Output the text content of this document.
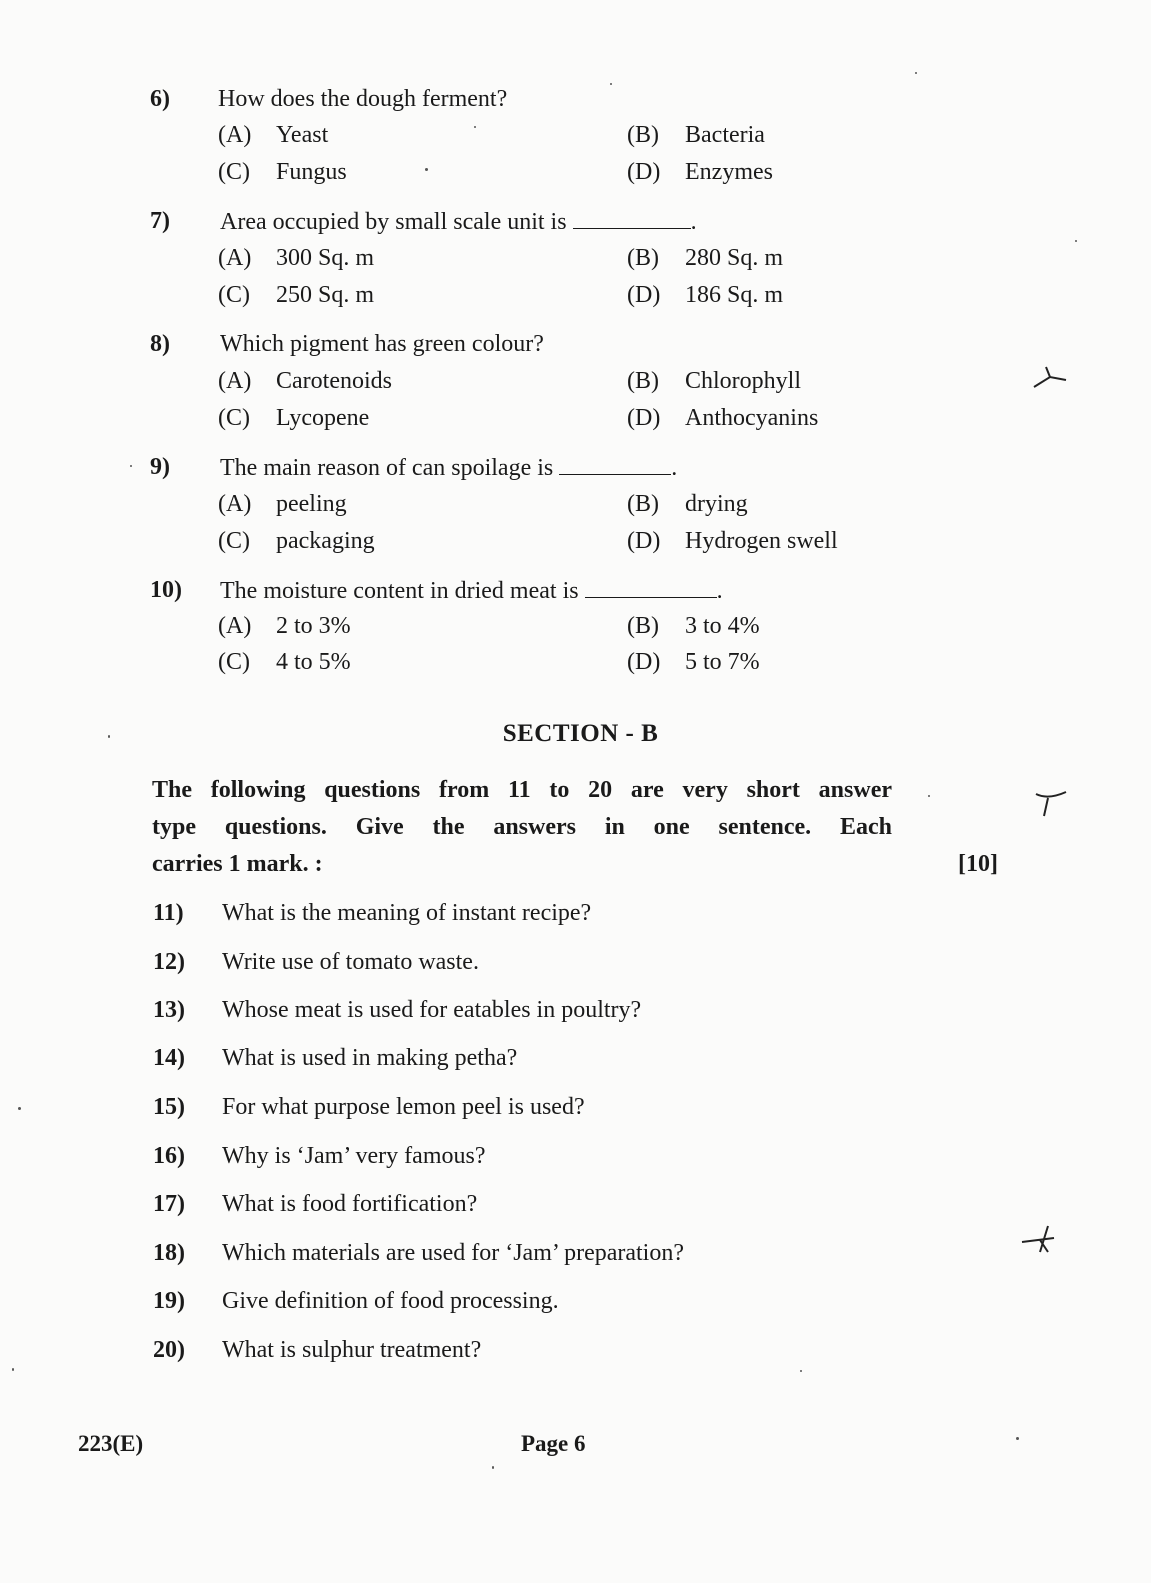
6) How does the dough ferment?
(A) Yeast	(B) Bacteria
(C) Fungus	(D) Enzymes
7) Area occupied by small scale unit is	.
(A) 300 Sq. m	(B) 280 Sq. m
(C) 250 Sq. m	(D) 186 Sq. m
8) Which pigment has green colour?
(A) Carotenoids	(B) Chlorophyll
(C) Lycopene	(D) Anthocyanins
9) The main reason of can spoilage is	.
(A) peeling	(B) drying
(C) packaging	(D) Hydrogen swell
10) The moisture content in dried meat is	.
(A) 2 to 3%	(B) 3 to 4%
(C) 4 to 5%	(D) 5 to 7%
SECTION - B
The following questions from 11 to 20 are very short answer
type questions. Give the answers in one sentence. Each
carries 1 mark. :	[10]
11) What is the meaning of instant recipe?
12) Write use of tomato waste.
13) Whose meat is used for eatables in poultry?
14) What is used in making petha?
15) For what purpose lemon peel is used?
16) Why is ‘Jam’ very famous?
17) What is food fortification?
18) Which materials are used for ‘Jam’ preparation?
19) Give definition of food processing.
20) What is sulphur treatment?
223(E)	Page 6
